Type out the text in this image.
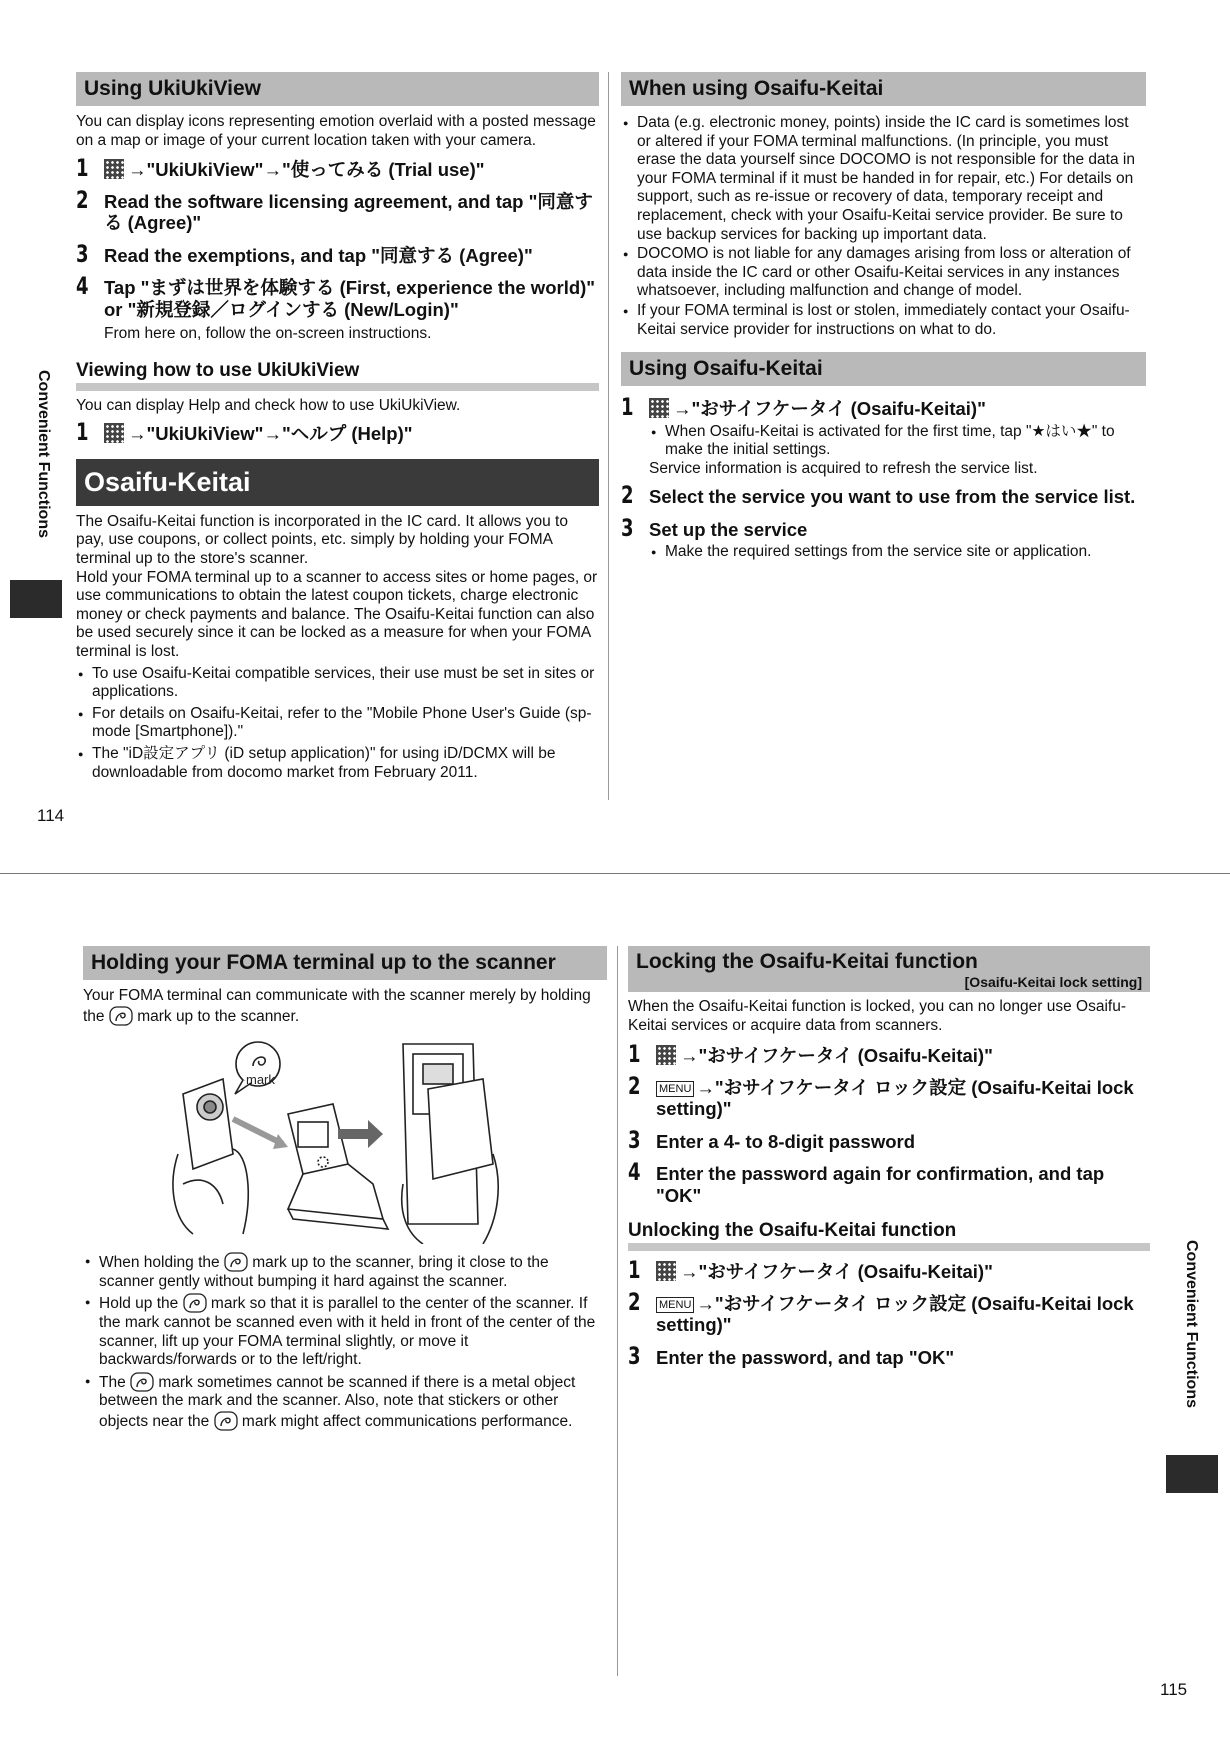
Convenient Functions
114
Using UkiUkiView

You can display icons representing emotion overlaid with a posted message on a map or image of your current location taken with your camera.

1 →"UkiUkiView"→"使ってみる (Trial use)"
2 Read the software licensing agreement, and tap "同意する (Agree)"
3 Read the exemptions, and tap "同意する (Agree)"
4 Tap "まずは世界を体験する (First, experience the world)" or "新規登録／ログインする (New/Login)"
From here on, follow the on-screen instructions.
Viewing how to use UkiUkiView

You can display Help and check how to use UkiUkiView.

1 →"UkiUkiView"→"ヘルプ (Help)"
Osaifu-Keitai

The Osaifu-Keitai function is incorporated in the IC card. It allows you to pay, use coupons, or collect points, etc. simply by holding your FOMA terminal up to the store's scanner.
Hold your FOMA terminal up to a scanner to access sites or home pages, or use communications to obtain the latest coupon tickets, charge electronic money or check payments and balance. The Osaifu-Keitai function can also be used securely since it can be locked as a measure for when your FOMA terminal is lost.

● To use Osaifu-Keitai compatible services, their use must be set in sites or applications.
● For details on Osaifu-Keitai, refer to the "Mobile Phone User's Guide (sp-mode [Smartphone])."
● The "iD設定アプリ (iD setup application)" for using iD/DCMX will be downloadable from docomo market from February 2011.
When using Osaifu-Keitai
● Data (e.g. electronic money, points) inside the IC card is sometimes lost or altered if your FOMA terminal malfunctions. (In principle, you must erase the data yourself since DOCOMO is not responsible for the data in your FOMA terminal if it must be handed in for repair, etc.) For details on support, such as re-issue or recovery of data, temporary receipt and replacement, check with your Osaifu-Keitai service provider. Be sure to use backup services for backing up important data.
● DOCOMO is not liable for any damages arising from loss or alteration of data inside the IC card or other Osaifu-Keitai services in any instances whatsoever, including malfunction and change of model.
● If your FOMA terminal is lost or stolen, immediately contact your Osaifu-Keitai service provider for instructions on what to do.
Using Osaifu-Keitai
1 →"おサイフケータイ (Osaifu-Keitai)"
● When Osaifu-Keitai is activated for the first time, tap "★はい★" to make the initial settings.
Service information is acquired to refresh the service list.
2 Select the service you want to use from the service list.
3 Set up the service
● Make the required settings from the service site or application.
Holding your FOMA terminal up to the scanner

Your FOMA terminal can communicate with the scanner merely by holding the mark up to the scanner.

mark
● When holding the mark up to the scanner, bring it close to the scanner gently without bumping it hard against the scanner.
● Hold up the mark so that it is parallel to the center of the scanner. If the mark cannot be scanned even with it held in front of the center of the scanner, lift up your FOMA terminal slightly, or move it backwards/forwards or to the left/right.
● The mark sometimes cannot be scanned if there is a metal object between the mark and the scanner. Also, note that stickers or other objects near the mark might affect communications performance.
Locking the Osaifu-Keitai function
[Osaifu-Keitai lock setting]

When the Osaifu-Keitai function is locked, you can no longer use Osaifu-Keitai services or acquire data from scanners.

1 →"おサイフケータイ (Osaifu-Keitai)"
2 MENU →"おサイフケータイ ロック設定 (Osaifu-Keitai lock setting)"
3 Enter a 4- to 8-digit password
4 Enter the password again for confirmation, and tap "OK"
Unlocking the Osaifu-Keitai function
1 →"おサイフケータイ (Osaifu-Keitai)"
2 MENU →"おサイフケータイ ロック設定 (Osaifu-Keitai lock setting)"
3 Enter the password, and tap "OK"	Convenient Functions
115
